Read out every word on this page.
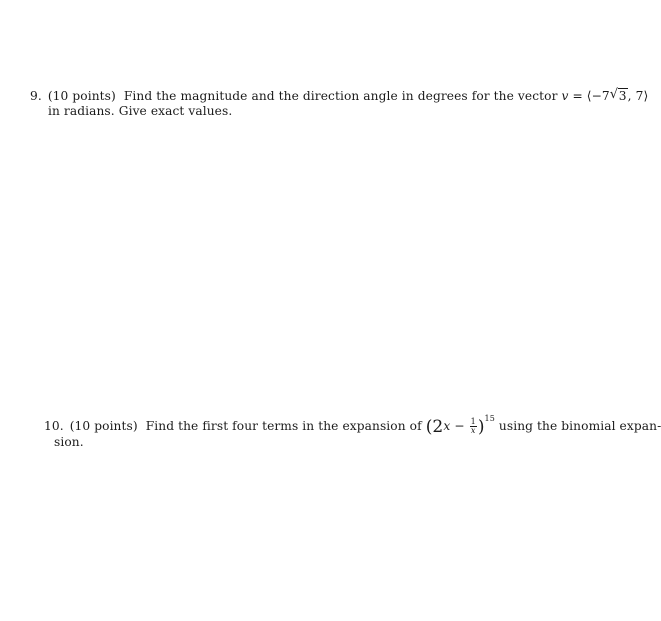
9. (10 points) Find the magnitude and the direction angle in degrees for the vector v = ⟨−7 √ 3, 7⟩
in radians. Give exact values.
10. (10 points) Find the first four terms in the expansion of $(2x - \frac{1}{x} )^{15}$ using the binomial expan-
sion.
